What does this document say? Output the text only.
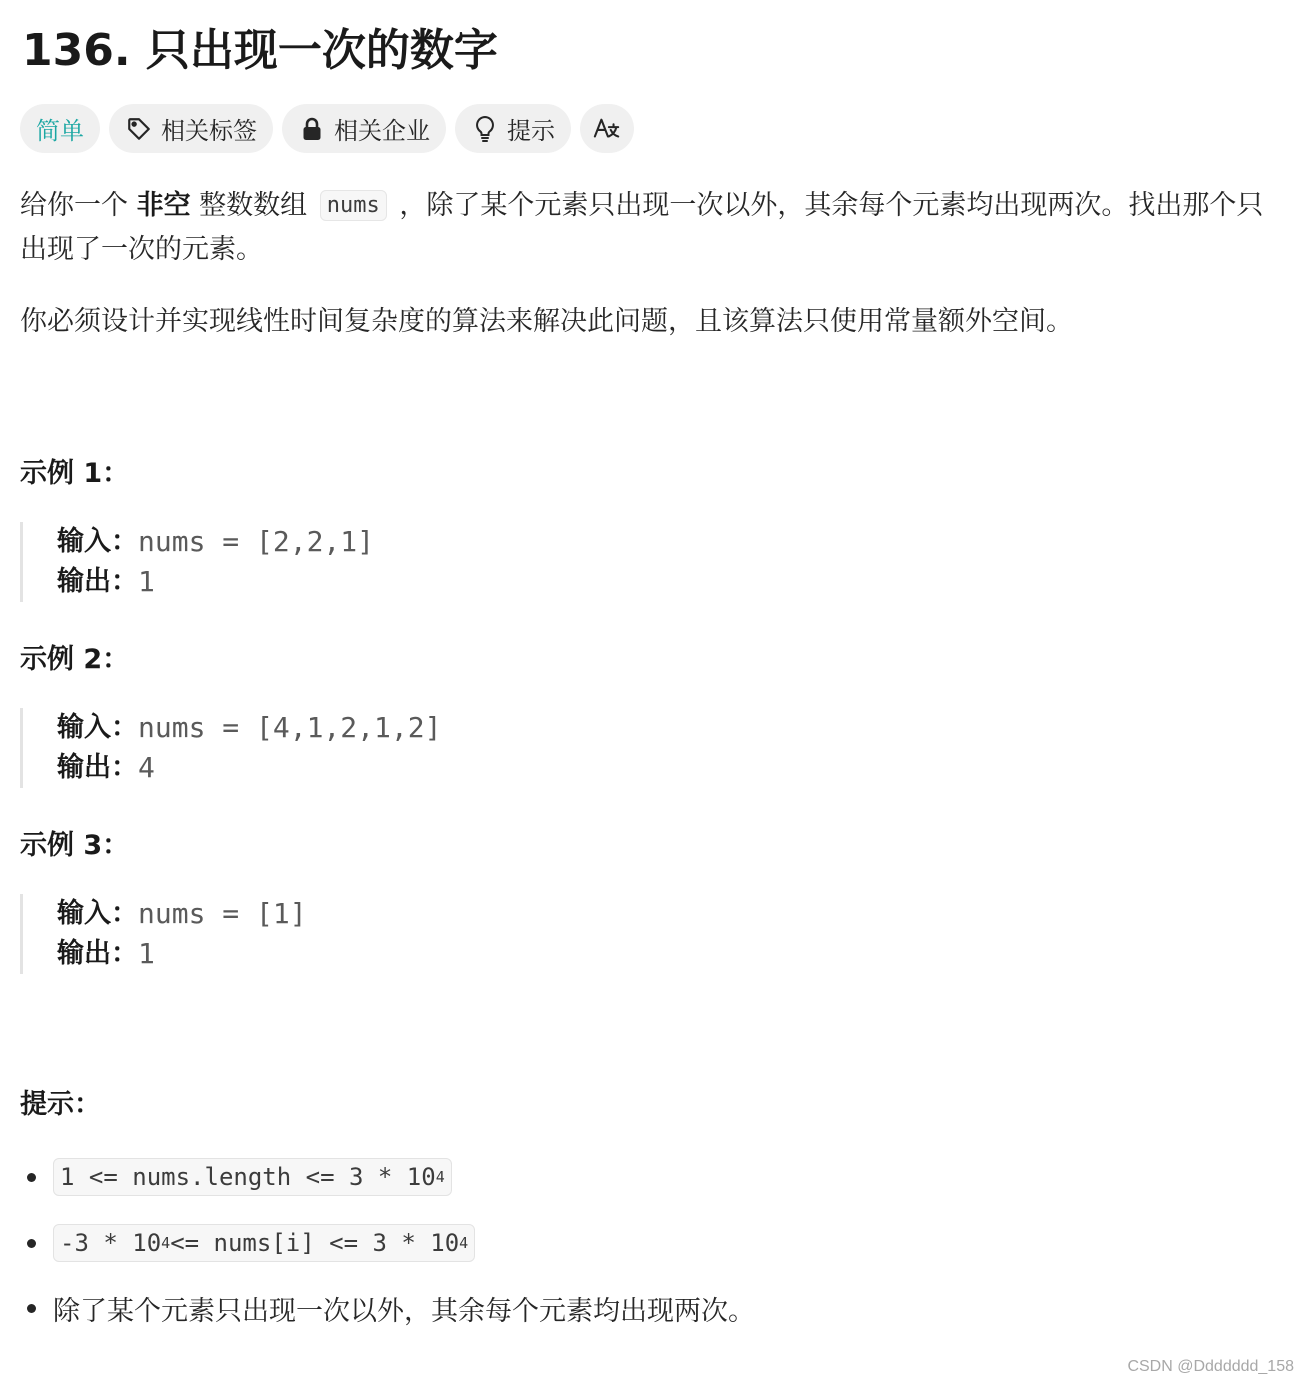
136. 只出现一次的数字
简单	相关标签	相关企业	提示
给你一个 非空 整数数组 nums ，除了某个元素只出现一次以外，其余每个元素均出现两次。找出那个只出现了一次的元素。
你必须设计并实现线性时间复杂度的算法来解决此问题，且该算法只使用常量额外空间。
示例 1：
输入： nums = [2,2,1]
输出： 1
示例 2：
输入： nums = [4,1,2,1,2]
输出： 4
示例 3：
输入： nums = [1]
输出： 1
提示：
1 <= nums.length <= 3 * 10 4
-3 * 10 4 <= nums[i] <= 3 * 10 4
除了某个元素只出现一次以外，其余每个元素均出现两次。
CSDN @Ddddddd_158
